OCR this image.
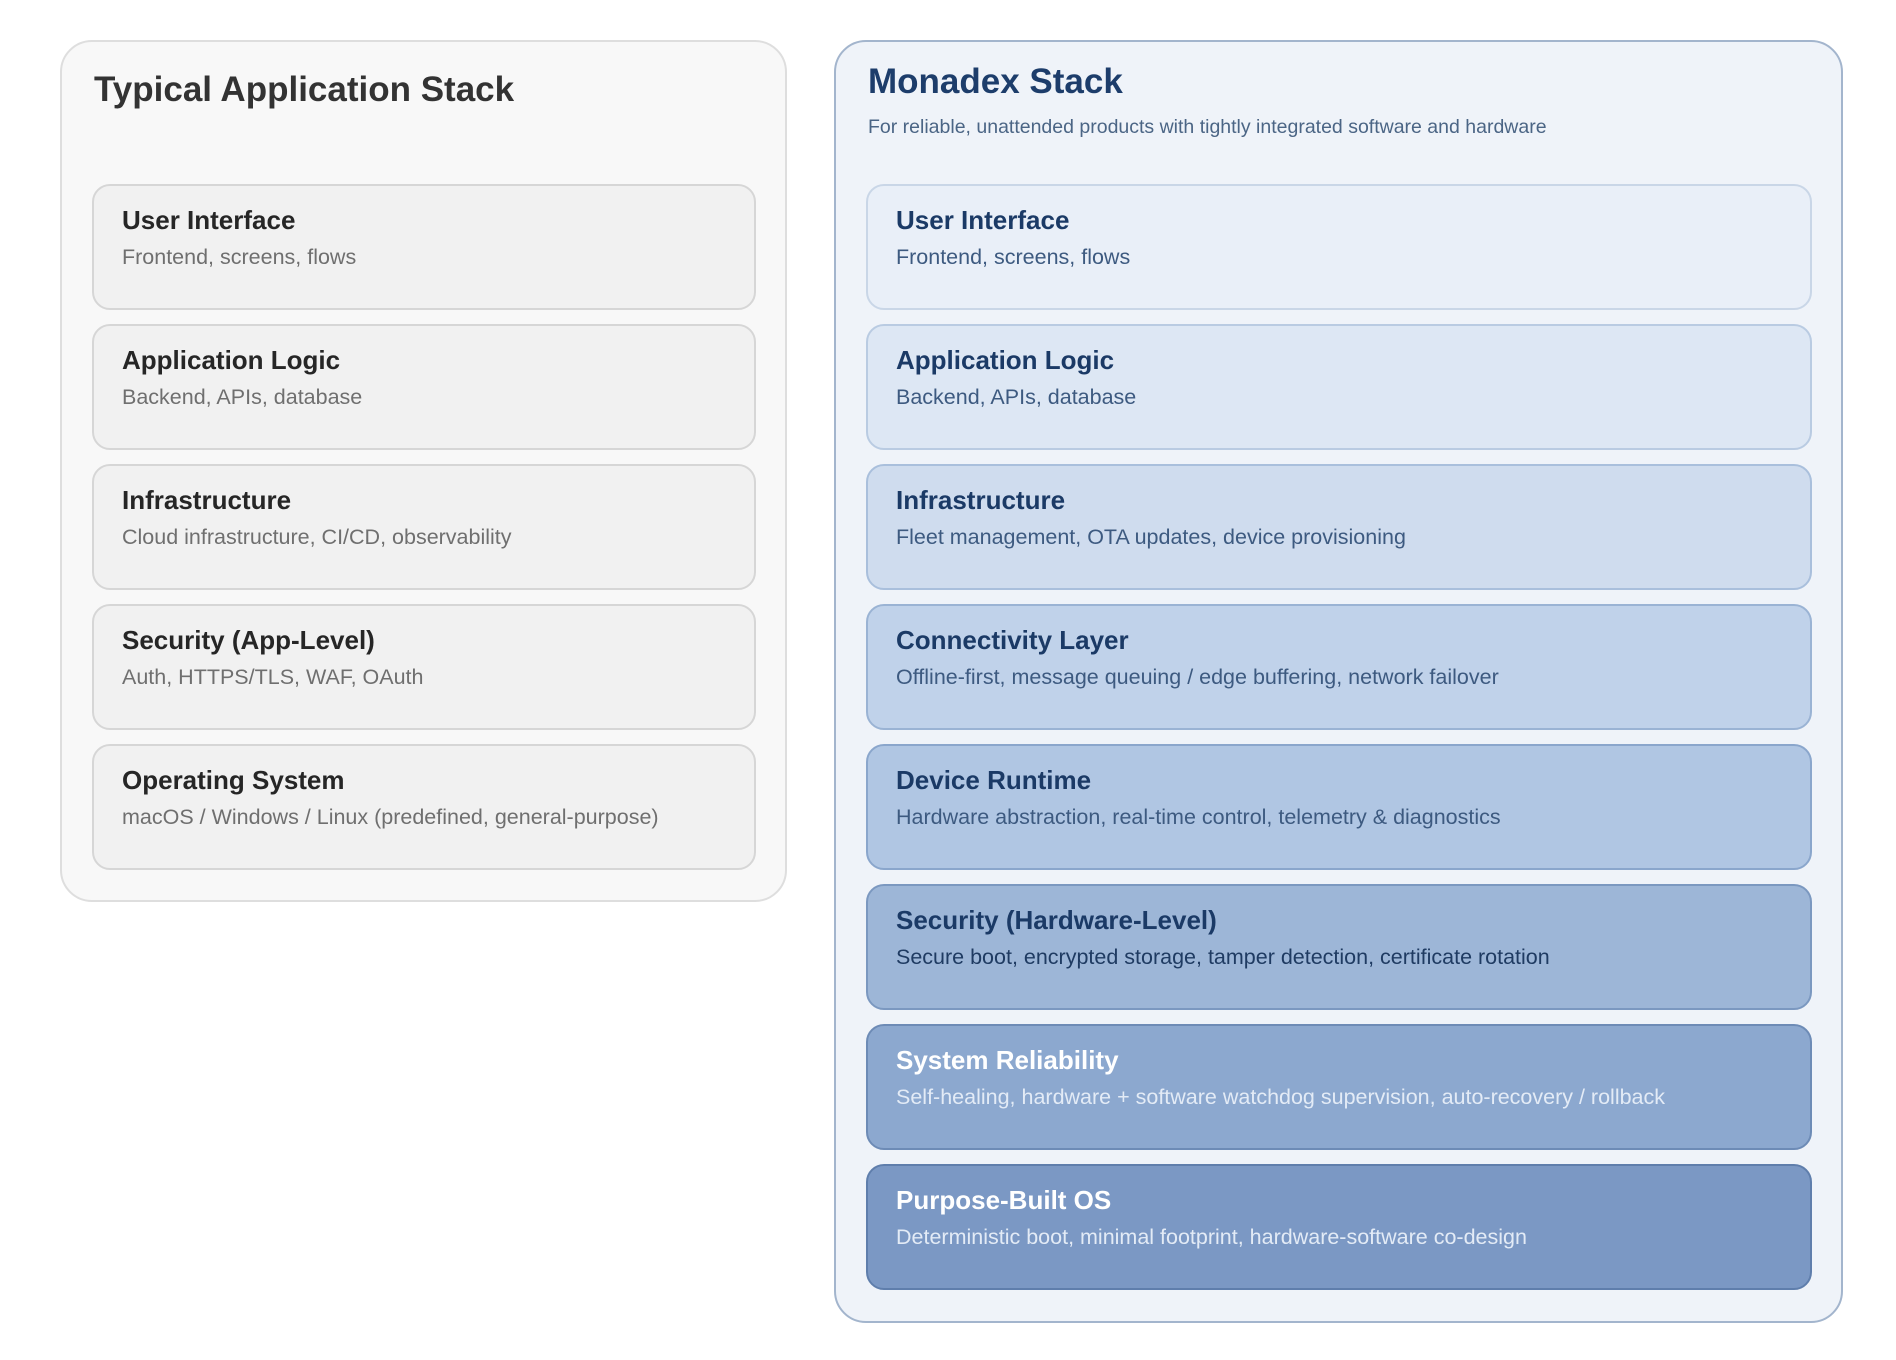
Typical Application Stack
User Interface
Frontend, screens, flows
Application Logic
Backend, APIs, database
Infrastructure
Cloud infrastructure, CI/CD, observability
Security (App-Level)
Auth, HTTPS/TLS, WAF, OAuth
Operating System
macOS / Windows / Linux (predefined, general-purpose)
Monadex Stack

For reliable, unattended products with tightly integrated software and hardware

User Interface
Frontend, screens, flows
Application Logic
Backend, APIs, database
Infrastructure
Fleet management, OTA updates, device provisioning
Connectivity Layer
Offline-first, message queuing / edge buffering, network failover
Device Runtime
Hardware abstraction, real-time control, telemetry & diagnostics
Security (Hardware-Level)
Secure boot, encrypted storage, tamper detection, certificate rotation
System Reliability
Self-healing, hardware + software watchdog supervision, auto-recovery / rollback
Purpose-Built OS
Deterministic boot, minimal footprint, hardware-software co-design
